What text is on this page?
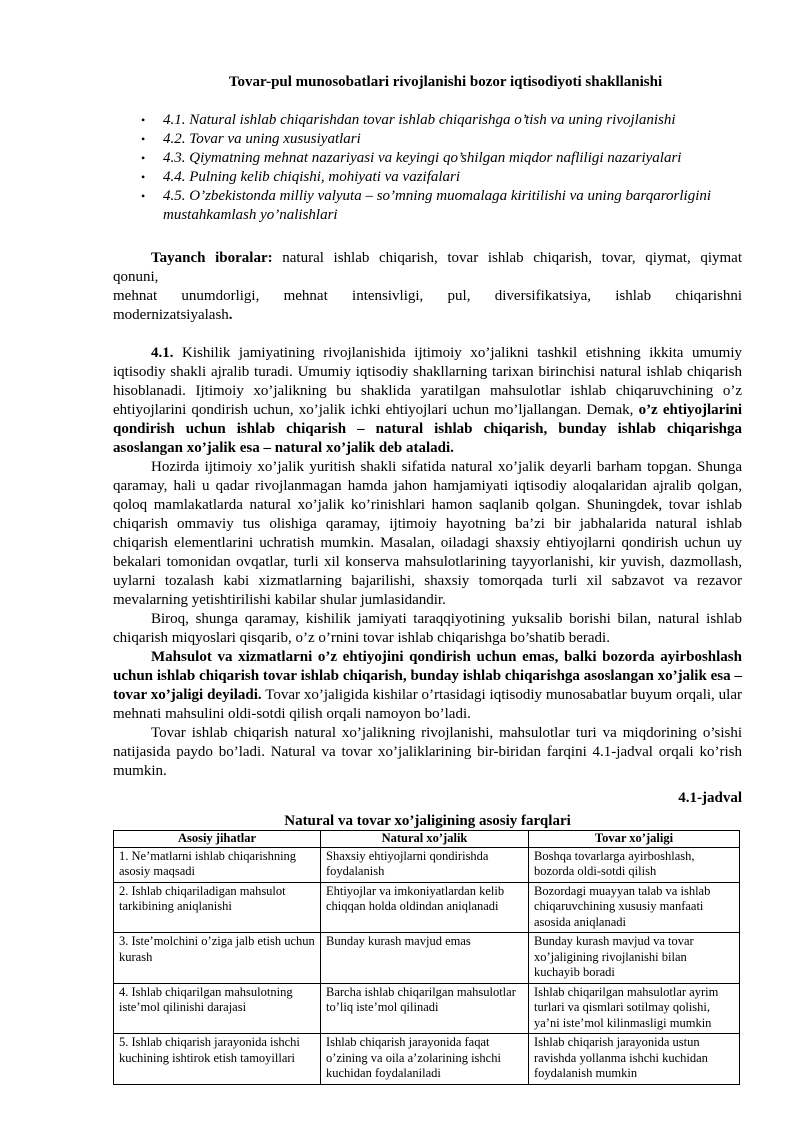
Tovar-pul munosobatlari rivojlanishi bozor iqtisodiyoti shakllanishi
• 4.1. Natural ishlab chiqarishdan tovar ishlab chiqarishga o’tish va uning rivojlanishi
• 4.2. Tovar va uning xususiyatlari
• 4.3. Qiymatning mehnat nazariyasi va keyingi qo’shilgan miqdor nafliligi nazariyalari
• 4.4. Pulning kelib chiqishi, mohiyati va vazifalari
• 4.5. O’zbekistonda milliy valyuta – so’mning muomalaga kiritilishi va uning barqarorligini mustahkamlash yo’nalishlari

Tayanch iboralar: natural ishlab chiqarish, tovar ishlab chiqarish, tovar, qiymat, qiymat

qonuni,

mehnat unumdorligi, mehnat intensivligi, pul, diversifikatsiya, ishlab chiqarishni

modernizatsiyalash.

4.1. Kishilik jamiyatining rivojlanishida ijtimoiy xo’jalikni tashkil etishning ikkita umumiy iqtisodiy shakli ajralib turadi. Umumiy iqtisodiy shakllarning tarixan birinchisi natural ishlab chiqarish hisoblanadi. Ijtimoiy xo’jalikning bu shaklida yaratilgan mahsulotlar ishlab chiqaruvchining o’z ehtiyojlarini qondirish uchun, xo’jalik ichki ehtiyojlari uchun mo’ljallangan. Demak, o’z ehtiyojlarini qondirish uchun ishlab chiqarish – natural ishlab chiqarish, bunday ishlab chiqarishga asoslangan xo’jalik esa – natural xo’jalik deb ataladi.

Hozirda ijtimoiy xo’jalik yuritish shakli sifatida natural xo’jalik deyarli barham topgan. Shunga qaramay, hali u qadar rivojlanmagan hamda jahon hamjamiyati iqtisodiy aloqalaridan ajralib qolgan, qoloq mamlakatlarda natural xo’jalik ko’rinishlari hamon saqlanib qolgan. Shuningdek, tovar ishlab chiqarish ommaviy tus olishiga qaramay, ijtimoiy hayotning ba’zi bir jabhalarida natural ishlab chiqarish elementlarini uchratish mumkin. Masalan, oiladagi shaxsiy ehtiyojlarni qondirish uchun uy bekalari tomonidan ovqatlar, turli xil konserva mahsulotlarining tayyorlanishi, kir yuvish, dazmollash, uylarni tozalash kabi xizmatlarning bajarilishi, shaxsiy tomorqada turli xil sabzavot va rezavor mevalarning yetishtirilishi kabilar shular jumlasidandir.

Biroq, shunga qaramay, kishilik jamiyati taraqqiyotining yuksalib borishi bilan, natural ishlab chiqarish miqyoslari qisqarib, o’z o’rnini tovar ishlab chiqarishga bo’shatib beradi.

Mahsulot va xizmatlarni o’z ehtiyojini qondirish uchun emas, balki bozorda ayirboshlash uchun ishlab chiqarish tovar ishlab chiqarish, bunday ishlab chiqarishga asoslangan xo’jalik esa – tovar xo’jaligi deyiladi. Tovar xo’jaligida kishilar o’rtasidagi iqtisodiy munosabatlar buyum orqali, ular mehnati mahsulini oldi-sotdi qilish orqali namoyon bo’ladi.

Tovar ishlab chiqarish natural xo’jalikning rivojlanishi, mahsulotlar turi va miqdorining o’sishi natijasida paydo bo’ladi. Natural va tovar xo’jaliklarining bir-biridan farqini 4.1-jadval orqali ko’rish mumkin.

4.1-jadval
Natural va tovar xo’jaligining asosiy farqlari
Asosiy jihatlar	Natural xo’jalik	Tovar xo’jaligi
1. Ne’matlarni ishlab chiqarishning asosiy maqsadi	Shaxsiy ehtiyojlarni qondirishda foydalanish	Boshqa tovarlarga ayirboshlash, bozorda oldi-sotdi qilish
2. Ishlab chiqariladigan mahsulot tarkibining aniqlanishi	Ehtiyojlar va imkoniyatlardan kelib chiqqan holda oldindan aniqlanadi	Bozordagi muayyan talab va ishlab chiqaruvchining xususiy manfaati asosida aniqlanadi
3. Iste’molchini o’ziga jalb etish uchun kurash	Bunday kurash mavjud emas	Bunday kurash mavjud va tovar xo’jaligining rivojlanishi bilan kuchayib boradi
4. Ishlab chiqarilgan mahsulotning iste’mol qilinishi darajasi	Barcha ishlab chiqarilgan mahsulotlar to’liq iste’mol qilinadi	Ishlab chiqarilgan mahsulotlar ayrim turlari va qismlari sotilmay qolishi, ya’ni iste’mol kilinmasligi mumkin
5. Ishlab chiqarish jarayonida ishchi kuchining ishtirok etish tamoyillari	Ishlab chiqarish jarayonida faqat o’zining va oila a’zolarining ishchi kuchidan foydalaniladi	Ishlab chiqarish jarayonida ustun ravishda yollanma ishchi kuchidan foydalanish mumkin
